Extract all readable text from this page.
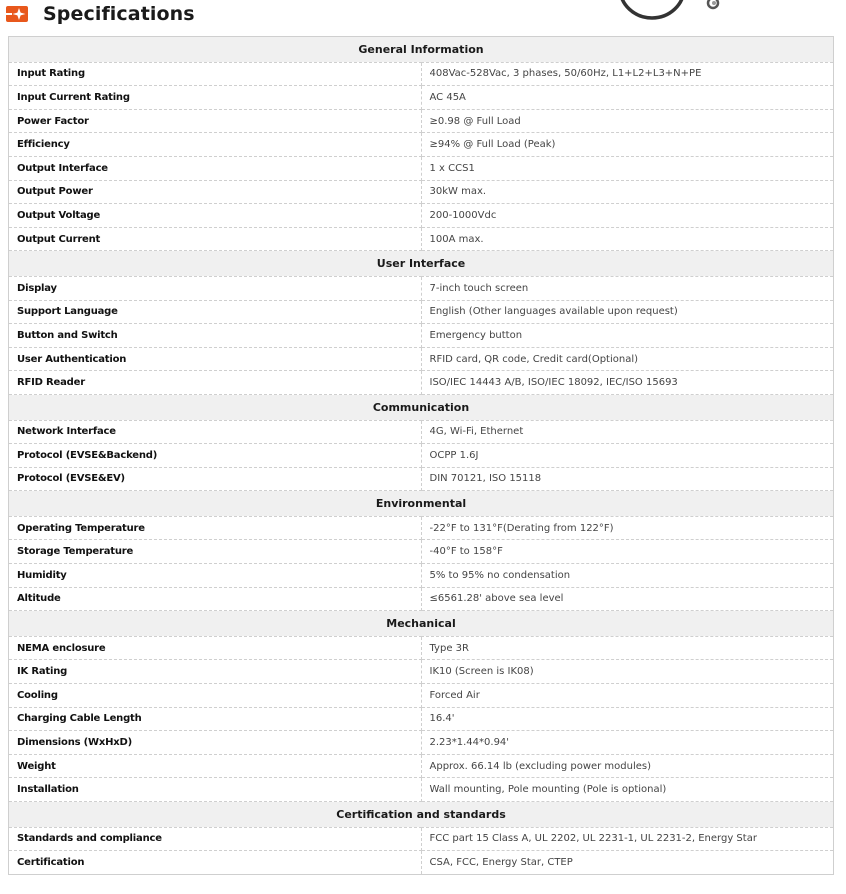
Specifications
General Information	
Input Rating	408Vac-528Vac, 3 phases, 50/60Hz, L1+L2+L3+N+PE
Input Current Rating	AC 45A
Power Factor	≥0.98 @ Full Load
Efficiency	≥94% @ Full Load (Peak)
Output Interface	1 x CCS1
Output Power	30kW max.
Output Voltage	200-1000Vdc
Output Current	100A max.
User Interface	
Display	7-inch touch screen
Support Language	English (Other languages available upon request)
Button and Switch	Emergency button
User Authentication	RFID card, QR code, Credit card(Optional)
RFID Reader	ISO/IEC 14443 A/B, ISO/IEC 18092, IEC/ISO 15693
Communication	
Network Interface	4G, Wi-Fi, Ethernet
Protocol (EVSE&Backend)	OCPP 1.6J
Protocol (EVSE&EV)	DIN 70121, ISO 15118
Environmental	
Operating Temperature	-22°F to 131°F(Derating from 122°F)
Storage Temperature	-40°F to 158°F
Humidity	5% to 95% no condensation
Altitude	≤6561.28' above sea level
Mechanical	
NEMA enclosure	Type 3R
IK Rating	IK10 (Screen is IK08)
Cooling	Forced Air
Charging Cable Length	16.4'
Dimensions (WxHxD)	2.23*1.44*0.94'
Weight	Approx. 66.14 lb (excluding power modules)
Installation	Wall mounting, Pole mounting (Pole is optional)
Certification and standards	
Standards and compliance	FCC part 15 Class A, UL 2202, UL 2231-1, UL 2231-2, Energy Star
Certification	CSA, FCC, Energy Star, CTEP
